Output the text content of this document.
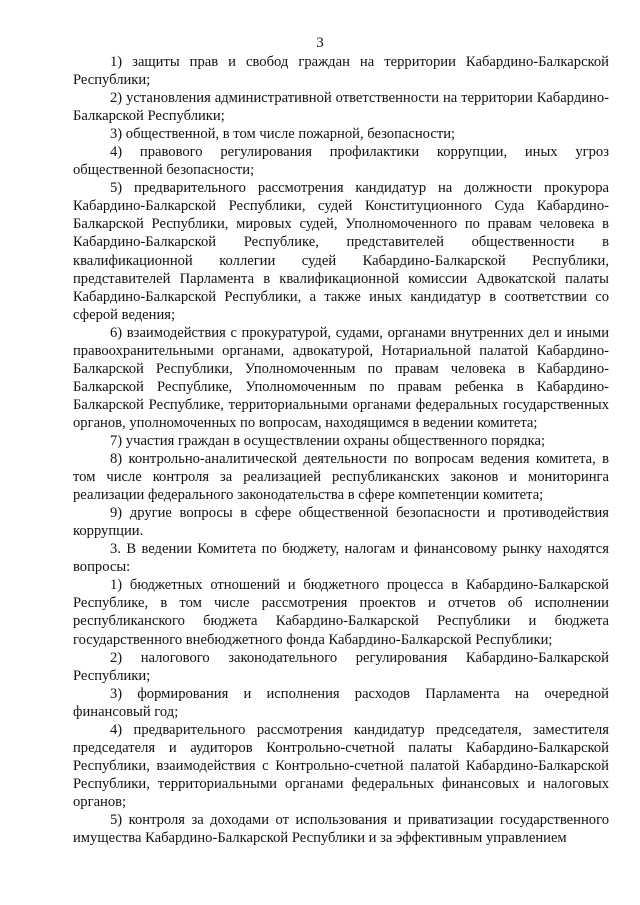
3

1) защиты прав и свобод граждан на территории Кабардино-Балкарской Республики;

2) установления административной ответственности на территории Кабардино-Балкарской Республики;

3) общественной, в том числе пожарной, безопасности;

4) правового регулирования профилактики коррупции, иных угроз общественной безопасности;

5) предварительного рассмотрения кандидатур на должности прокурора Кабардино-Балкарской Республики, судей Конституционного Суда Кабардино-Балкарской Республики, мировых судей, Уполномоченного по правам человека в Кабардино-Балкарской Республике, представителей общественности в квалификационной коллегии судей Кабардино-Балкарской Республики, представителей Парламента в квалификационной комиссии Адвокатской палаты Кабардино-Балкарской Республики, а также иных кандидатур в соответствии со сферой ведения;

6) взаимодействия с прокуратурой, судами, органами внутренних дел и иными правоохранительными органами, адвокатурой, Нотариальной палатой Кабардино-Балкарской Республики, Уполномоченным по правам человека в Кабардино-Балкарской Республике, Уполномоченным по правам ребенка в Кабардино-Балкарской Республике, территориальными органами федеральных государственных органов, уполномоченных по вопросам, находящимся в ведении комитета;

7) участия граждан в осуществлении охраны общественного порядка;

8) контрольно-аналитической деятельности по вопросам ведения комитета, в том числе контроля за реализацией республиканских законов и мониторинга реализации федерального законодательства в сфере компетенции комитета;

9) другие вопросы в сфере общественной безопасности и противодействия коррупции.

3. В ведении Комитета по бюджету, налогам и финансовому рынку находятся вопросы:

1) бюджетных отношений и бюджетного процесса в Кабардино-Балкарской Республике, в том числе рассмотрения проектов и отчетов об исполнении республиканского бюджета Кабардино-Балкарской Республики и бюджета государственного внебюджетного фонда Кабардино-Балкарской Республики;

2) налогового законодательного регулирования Кабардино-Балкарской Республики;

3) формирования и исполнения расходов Парламента на очередной финансовый год;

4) предварительного рассмотрения кандидатур председателя, заместителя председателя и аудиторов Контрольно-счетной палаты Кабардино-Балкарской Республики, взаимодействия с Контрольно-счетной палатой Кабардино-Балкарской Республики, территориальными органами федеральных финансовых и налоговых органов;

5) контроля за доходами от использования и приватизации государственного имущества Кабардино-Балкарской Республики и за эффективным управлением
